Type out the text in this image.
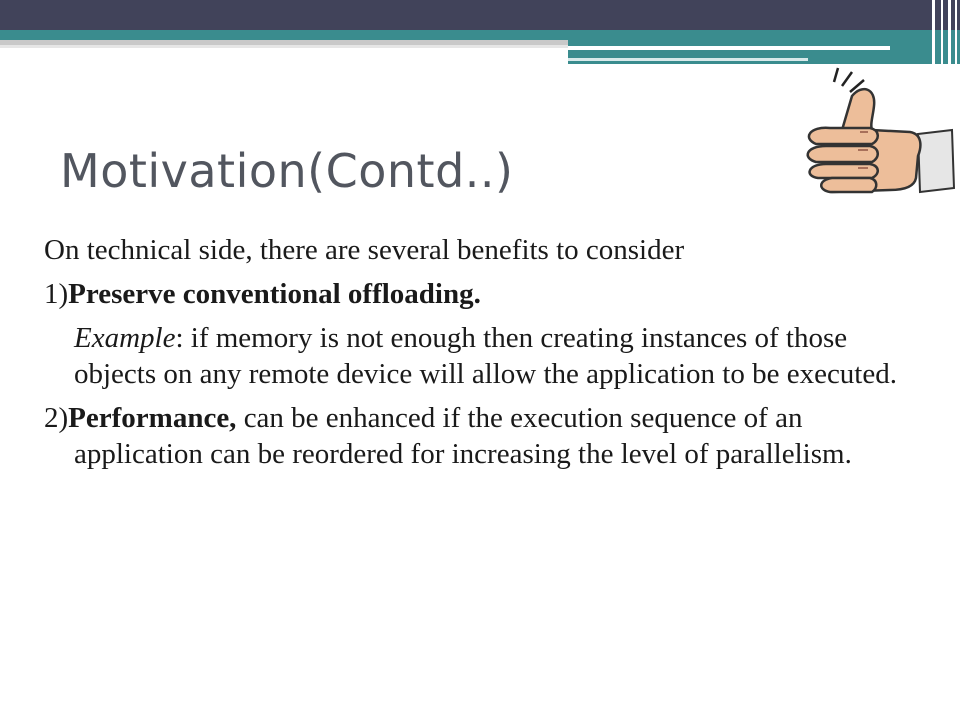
Motivation(Contd..)

On technical side, there are several benefits to consider

1)Preserve conventional offloading.

Example: if memory is not enough then creating instances of those objects on any remote device will allow the application to be executed.

2)Performance, can be enhanced if the execution sequence of an application can be reordered for increasing the level of parallelism.
